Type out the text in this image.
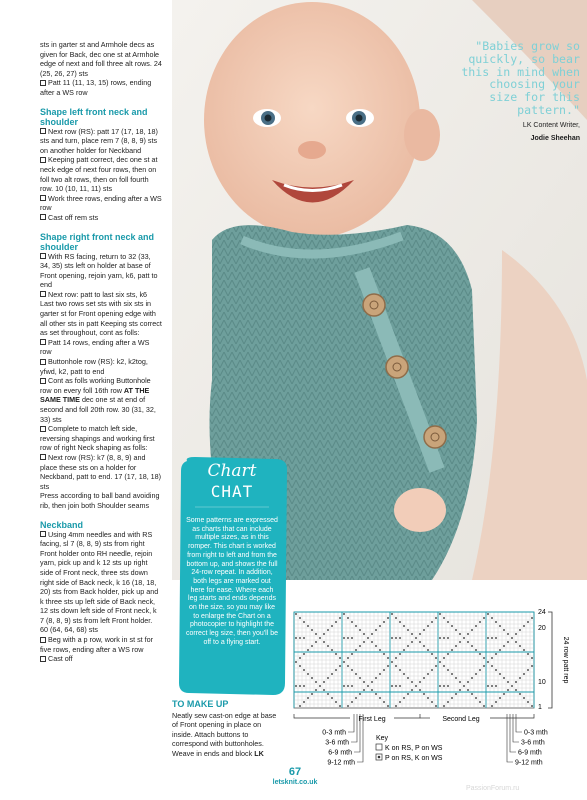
sts in garter st and Armhole decs as given for Back, dec one st at Armhole edge of next and foll three alt rows. 24 (25, 26, 27) sts

Patt 11 (11, 13, 15) rows, ending after a WS row

Shape left front neck and shoulder

Next row (RS): patt 17 (17, 18, 18) sts and turn, place rem 7 (8, 8, 9) sts on another holder for Neckband

Keeping patt correct, dec one st at neck edge of next four rows, then on foll two alt rows, then on foll fourth row. 10 (10, 11, 11) sts

Work three rows, ending after a WS row

Cast off rem sts

Shape right front neck and shoulder

With RS facing, return to 32 (33, 34, 35) sts left on holder at base of Front opening, rejoin yarn, k6, patt to end

Next row: patt to last six sts, k6 Last two rows set sts with six sts in garter st for Front opening edge with all other sts in patt Keeping sts correct as set throughout, cont as folls:

Patt 14 rows, ending after a WS row

Buttonhole row (RS): k2, k2tog, yfwd, k2, patt to end

Cont as folls working Buttonhole row on every foll 16th row AT THE SAME TIME dec one st at end of second and foll 20th row. 30 (31, 32, 33) sts

Complete to match left side, reversing shapings and working first row of right Neck shaping as folls:

Next row (RS): k7 (8, 8, 9) and place these sts on a holder for Neckband, patt to end. 17 (17, 18, 18) sts

Press according to ball band avoiding rib, then join both Shoulder seams

Neckband

Using 4mm needles and with RS facing, sl 7 (8, 8, 9) sts from right Front holder onto RH needle, rejoin yarn, pick up and k 12 sts up right side of Front neck, three sts down right side of Back neck, k 16 (18, 18, 20) sts from Back holder, pick up and k three sts up left side of Back neck, 12 sts down left side of Front neck, k 7 (8, 8, 9) sts from left Front holder. 60 (64, 64, 68) sts

Beg with a p row, work in st st for five rows, ending after a WS row

Cast off

"Babies grow so quickly, so bear this in mind when choosing your size for this pattern."
LK Content Writer,
Jodie Sheehan
Chart
CHAT
Some patterns are expressed as charts that can include multiple sizes, as in this romper. This chart is worked from right to left and from the bottom up, and shows the full 24-row repeat. In addition, both legs are marked out here for ease. Where each leg starts and ends depends on the size, so you may like to enlarge the Chart on a photocopier to highlight the correct leg size, then you'll be off to a flying start.
TO MAKE UP

Neatly sew cast-on edge at base of Front opening in place on inside. Attach buttons to correspond with buttonholes. Weave in ends and block LK

24
20
10
1
24 row patt rep
First Leg	Second Leg
0-3 mth
3-6 mth
6-9 mth
9-12 mth
0-3 mth
3-6 mth
6-9 mth
9-12 mth
Key
K on RS, P on WS
P on RS, K on WS
67
letsknit.co.uk
PassionForum.ru
